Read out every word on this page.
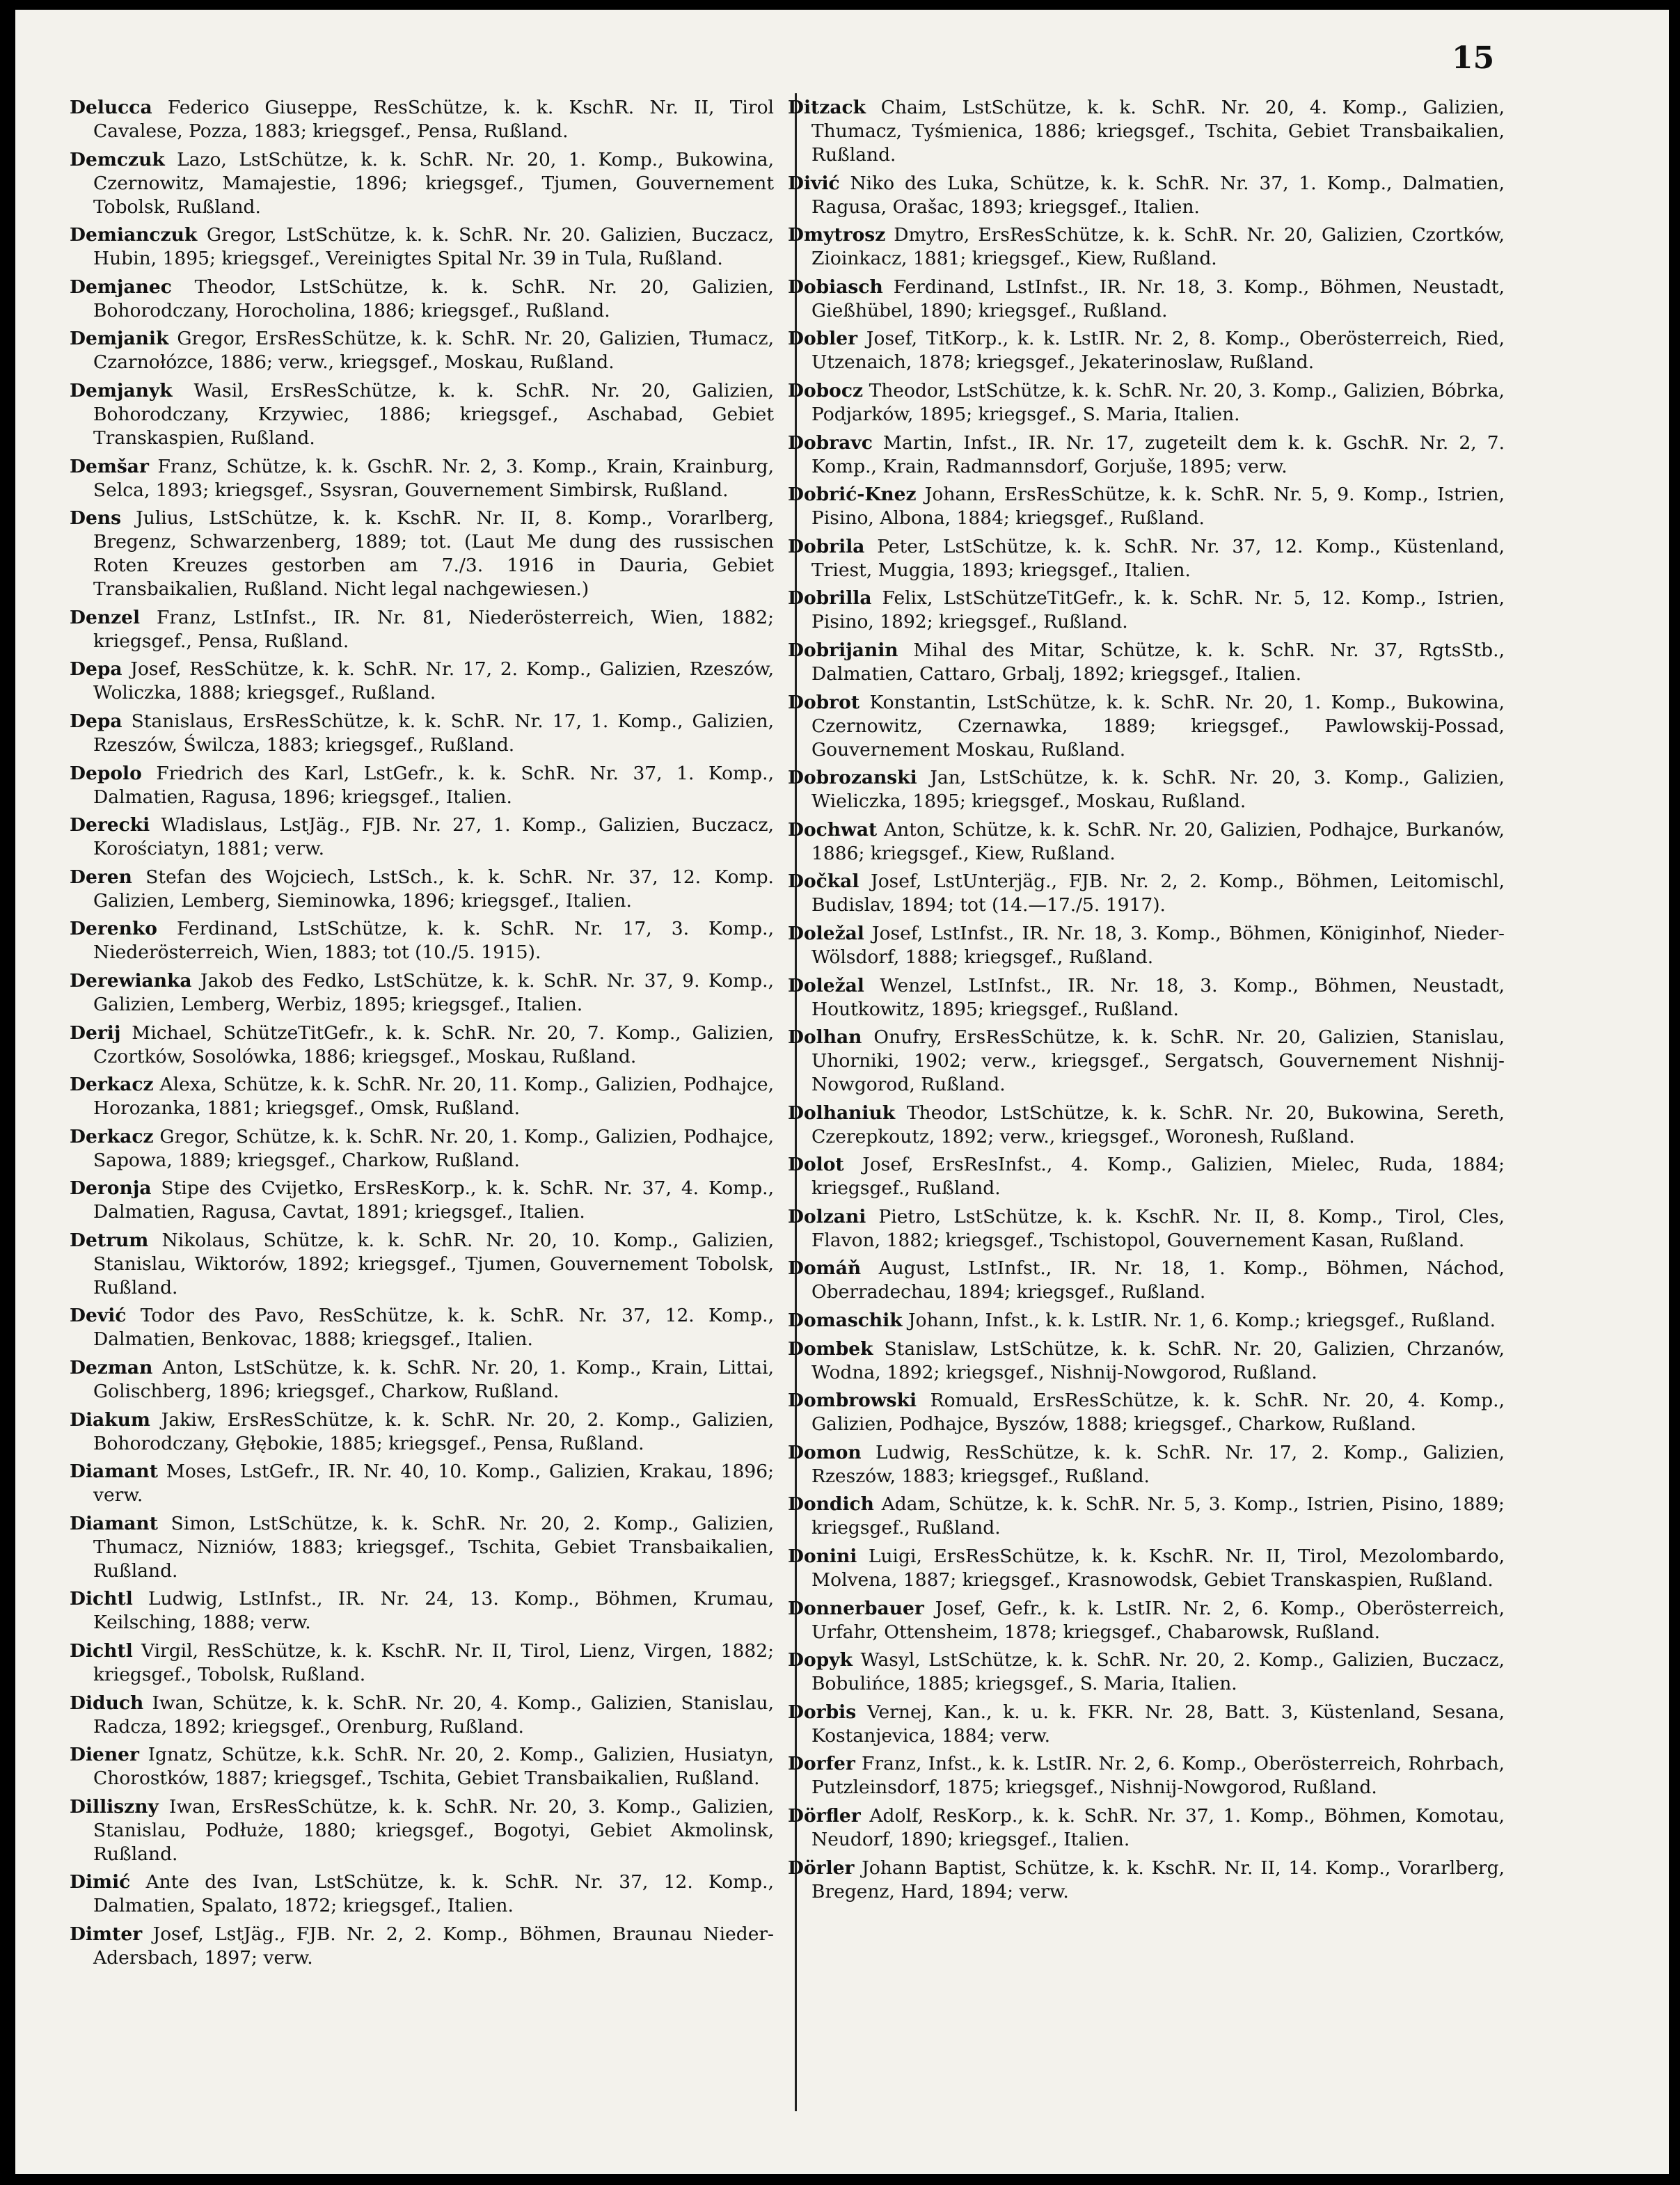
15

Delucca Federico Giuseppe, ResSchütze, k. k. KschR. Nr. II, Tirol Cavalese, Pozza, 1883; kriegsgef., Pensa, Rußland.

Demczuk Lazo, LstSchütze, k. k. SchR. Nr. 20, 1. Komp., Bukowina, Czernowitz, Mamajestie, 1896; kriegsgef., Tjumen, Gouvernement Tobolsk, Rußland.

Demianczuk Gregor, LstSchütze, k. k. SchR. Nr. 20. Galizien, Buczacz, Hubin, 1895; kriegsgef., Vereinigtes Spital Nr. 39 in Tula, Rußland.

Demjanec Theodor, LstSchütze, k. k. SchR. Nr. 20, Galizien, Bohorodczany, Horocholina, 1886; kriegsgef., Rußland.

Demjanik Gregor, ErsResSchütze, k. k. SchR. Nr. 20, Galizien, Tłumacz, Czarnołózce, 1886; verw., kriegsgef., Moskau, Rußland.

Demjanyk Wasil, ErsResSchütze, k. k. SchR. Nr. 20, Galizien, Bohorodczany, Krzywiec, 1886; kriegsgef., Aschabad, Gebiet Transkaspien, Rußland.

Demšar Franz, Schütze, k. k. GschR. Nr. 2, 3. Komp., Krain, Krainburg, Selca, 1893; kriegsgef., Ssysran, Gouvernement Simbirsk, Rußland.

Dens Julius, LstSchütze, k. k. KschR. Nr. II, 8. Komp., Vorarlberg, Bregenz, Schwarzenberg, 1889; tot. (Laut Me dung des russischen Roten Kreuzes gestorben am 7./3. 1916 in Dauria, Gebiet Transbaikalien, Rußland. Nicht legal nachgewiesen.)

Denzel Franz, LstInfst., IR. Nr. 81, Niederösterreich, Wien, 1882; kriegsgef., Pensa, Rußland.

Depa Josef, ResSchütze, k. k. SchR. Nr. 17, 2. Komp., Galizien, Rzeszów, Woliczka, 1888; kriegsgef., Rußland.

Depa Stanislaus, ErsResSchütze, k. k. SchR. Nr. 17, 1. Komp., Galizien, Rzeszów, Świlcza, 1883; kriegsgef., Rußland.

Depolo Friedrich des Karl, LstGefr., k. k. SchR. Nr. 37, 1. Komp., Dalmatien, Ragusa, 1896; kriegsgef., Italien.

Derecki Wladislaus, LstJäg., FJB. Nr. 27, 1. Komp., Galizien, Buczacz, Korościatyn, 1881; verw.

Deren Stefan des Wojciech, LstSch., k. k. SchR. Nr. 37, 12. Komp. Galizien, Lemberg, Sieminowka, 1896; kriegsgef., Italien.

Derenko Ferdinand, LstSchütze, k. k. SchR. Nr. 17, 3. Komp., Niederösterreich, Wien, 1883; tot (10./5. 1915).

Derewianka Jakob des Fedko, LstSchütze, k. k. SchR. Nr. 37, 9. Komp., Galizien, Lemberg, Werbiz, 1895; kriegsgef., Italien.

Derij Michael, SchützeTitGefr., k. k. SchR. Nr. 20, 7. Komp., Galizien, Czortków, Sosolówka, 1886; kriegsgef., Moskau, Rußland.

Derkacz Alexa, Schütze, k. k. SchR. Nr. 20, 11. Komp., Galizien, Podhajce, Horozanka, 1881; kriegsgef., Omsk, Rußland.

Derkacz Gregor, Schütze, k. k. SchR. Nr. 20, 1. Komp., Galizien, Podhajce, Sapowa, 1889; kriegsgef., Charkow, Rußland.

Deronja Stipe des Cvijetko, ErsResKorp., k. k. SchR. Nr. 37, 4. Komp., Dalmatien, Ragusa, Cavtat, 1891; kriegsgef., Italien.

Detrum Nikolaus, Schütze, k. k. SchR. Nr. 20, 10. Komp., Galizien, Stanislau, Wiktorów, 1892; kriegsgef., Tjumen, Gouvernement Tobolsk, Rußland.

Dević Todor des Pavo, ResSchütze, k. k. SchR. Nr. 37, 12. Komp., Dalmatien, Benkovac, 1888; kriegsgef., Italien.

Dezman Anton, LstSchütze, k. k. SchR. Nr. 20, 1. Komp., Krain, Littai, Golischberg, 1896; kriegsgef., Charkow, Rußland.

Diakum Jakiw, ErsResSchütze, k. k. SchR. Nr. 20, 2. Komp., Galizien, Bohorodczany, Głębokie, 1885; kriegsgef., Pensa, Rußland.

Diamant Moses, LstGefr., IR. Nr. 40, 10. Komp., Galizien, Krakau, 1896; verw.

Diamant Simon, LstSchütze, k. k. SchR. Nr. 20, 2. Komp., Galizien, Thumacz, Nizniów, 1883; kriegsgef., Tschita, Gebiet Transbaikalien, Rußland.

Dichtl Ludwig, LstInfst., IR. Nr. 24, 13. Komp., Böhmen, Krumau, Keilsching, 1888; verw.

Dichtl Virgil, ResSchütze, k. k. KschR. Nr. II, Tirol, Lienz, Virgen, 1882; kriegsgef., Tobolsk, Rußland.

Diduch Iwan, Schütze, k. k. SchR. Nr. 20, 4. Komp., Galizien, Stanislau, Radcza, 1892; kriegsgef., Orenburg, Rußland.

Diener Ignatz, Schütze, k.k. SchR. Nr. 20, 2. Komp., Galizien, Husiatyn, Chorostków, 1887; kriegsgef., Tschita, Gebiet Transbaikalien, Rußland.

Dilliszny Iwan, ErsResSchütze, k. k. SchR. Nr. 20, 3. Komp., Galizien, Stanislau, Podłuże, 1880; kriegsgef., Bogotyi, Gebiet Akmolinsk, Rußland.

Dimić Ante des Ivan, LstSchütze, k. k. SchR. Nr. 37, 12. Komp., Dalmatien, Spalato, 1872; kriegsgef., Italien.

Dimter Josef, LstJäg., FJB. Nr. 2, 2. Komp., Böhmen, Braunau Nieder-Adersbach, 1897; verw.

Ditzack Chaim, LstSchütze, k. k. SchR. Nr. 20, 4. Komp., Galizien, Thumacz, Tyśmienica, 1886; kriegsgef., Tschita, Gebiet Transbaikalien, Rußland.

Divić Niko des Luka, Schütze, k. k. SchR. Nr. 37, 1. Komp., Dalmatien, Ragusa, Orašac, 1893; kriegsgef., Italien.

Dmytrosz Dmytro, ErsResSchütze, k. k. SchR. Nr. 20, Galizien, Czortków, Zioinkacz, 1881; kriegsgef., Kiew, Rußland.

Dobiasch Ferdinand, LstInfst., IR. Nr. 18, 3. Komp., Böhmen, Neustadt, Gießhübel, 1890; kriegsgef., Rußland.

Dobler Josef, TitKorp., k. k. LstIR. Nr. 2, 8. Komp., Oberösterreich, Ried, Utzenaich, 1878; kriegsgef., Jekaterinoslaw, Rußland.

Dobocz Theodor, LstSchütze, k. k. SchR. Nr. 20, 3. Komp., Galizien, Bóbrka, Podjarków, 1895; kriegsgef., S. Maria, Italien.

Dobravc Martin, Infst., IR. Nr. 17, zugeteilt dem k. k. GschR. Nr. 2, 7. Komp., Krain, Radmannsdorf, Gorjuše, 1895; verw.

Dobrić-Knez Johann, ErsResSchütze, k. k. SchR. Nr. 5, 9. Komp., Istrien, Pisino, Albona, 1884; kriegsgef., Rußland.

Dobrila Peter, LstSchütze, k. k. SchR. Nr. 37, 12. Komp., Küstenland, Triest, Muggia, 1893; kriegsgef., Italien.

Dobrilla Felix, LstSchützeTitGefr., k. k. SchR. Nr. 5, 12. Komp., Istrien, Pisino, 1892; kriegsgef., Rußland.

Dobrijanin Mihal des Mitar, Schütze, k. k. SchR. Nr. 37, RgtsStb., Dalmatien, Cattaro, Grbalj, 1892; kriegsgef., Italien.

Dobrot Konstantin, LstSchütze, k. k. SchR. Nr. 20, 1. Komp., Bukowina, Czernowitz, Czernawka, 1889; kriegsgef., Pawlowskij-Possad, Gouvernement Moskau, Rußland.

Dobrozanski Jan, LstSchütze, k. k. SchR. Nr. 20, 3. Komp., Galizien, Wieliczka, 1895; kriegsgef., Moskau, Rußland.

Dochwat Anton, Schütze, k. k. SchR. Nr. 20, Galizien, Podhajce, Burkanów, 1886; kriegsgef., Kiew, Rußland.

Dočkal Josef, LstUnterjäg., FJB. Nr. 2, 2. Komp., Böhmen, Leitomischl, Budislav, 1894; tot (14.—17./5. 1917).

Doležal Josef, LstInfst., IR. Nr. 18, 3. Komp., Böhmen, Königinhof, Nieder-Wölsdorf, 1888; kriegsgef., Rußland.

Doležal Wenzel, LstInfst., IR. Nr. 18, 3. Komp., Böhmen, Neustadt, Houtkowitz, 1895; kriegsgef., Rußland.

Dolhan Onufry, ErsResSchütze, k. k. SchR. Nr. 20, Galizien, Stanislau, Uhorniki, 1902; verw., kriegsgef., Sergatsch, Gouvernement Nishnij-Nowgorod, Rußland.

Dolhaniuk Theodor, LstSchütze, k. k. SchR. Nr. 20, Bukowina, Sereth, Czerepkoutz, 1892; verw., kriegsgef., Woronesh, Rußland.

Dolot Josef, ErsResInfst., 4. Komp., Galizien, Mielec, Ruda, 1884; kriegsgef., Rußland.

Dolzani Pietro, LstSchütze, k. k. KschR. Nr. II, 8. Komp., Tirol, Cles, Flavon, 1882; kriegsgef., Tschistopol, Gouvernement Kasan, Rußland.

Domáň August, LstInfst., IR. Nr. 18, 1. Komp., Böhmen, Náchod, Oberradechau, 1894; kriegsgef., Rußland.

Domaschik Johann, Infst., k. k. LstIR. Nr. 1, 6. Komp.; kriegsgef., Rußland.

Dombek Stanislaw, LstSchütze, k. k. SchR. Nr. 20, Galizien, Chrzanów, Wodna, 1892; kriegsgef., Nishnij-Nowgorod, Rußland.

Dombrowski Romuald, ErsResSchütze, k. k. SchR. Nr. 20, 4. Komp., Galizien, Podhajce, Byszów, 1888; kriegsgef., Charkow, Rußland.

Domon Ludwig, ResSchütze, k. k. SchR. Nr. 17, 2. Komp., Galizien, Rzeszów, 1883; kriegsgef., Rußland.

Dondich Adam, Schütze, k. k. SchR. Nr. 5, 3. Komp., Istrien, Pisino, 1889; kriegsgef., Rußland.

Donini Luigi, ErsResSchütze, k. k. KschR. Nr. II, Tirol, Mezolombardo, Molvena, 1887; kriegsgef., Krasnowodsk, Gebiet Transkaspien, Rußland.

Donnerbauer Josef, Gefr., k. k. LstIR. Nr. 2, 6. Komp., Oberösterreich, Urfahr, Ottensheim, 1878; kriegsgef., Chabarowsk, Rußland.

Dopyk Wasyl, LstSchütze, k. k. SchR. Nr. 20, 2. Komp., Galizien, Buczacz, Bobulińce, 1885; kriegsgef., S. Maria, Italien.

Dorbis Vernej, Kan., k. u. k. FKR. Nr. 28, Batt. 3, Küstenland, Sesana, Kostanjevica, 1884; verw.

Dorfer Franz, Infst., k. k. LstIR. Nr. 2, 6. Komp., Oberösterreich, Rohrbach, Putzleinsdorf, 1875; kriegsgef., Nishnij-Nowgorod, Rußland.

Dörfler Adolf, ResKorp., k. k. SchR. Nr. 37, 1. Komp., Böhmen, Komotau, Neudorf, 1890; kriegsgef., Italien.

Dörler Johann Baptist, Schütze, k. k. KschR. Nr. II, 14. Komp., Vorarlberg, Bregenz, Hard, 1894; verw.
